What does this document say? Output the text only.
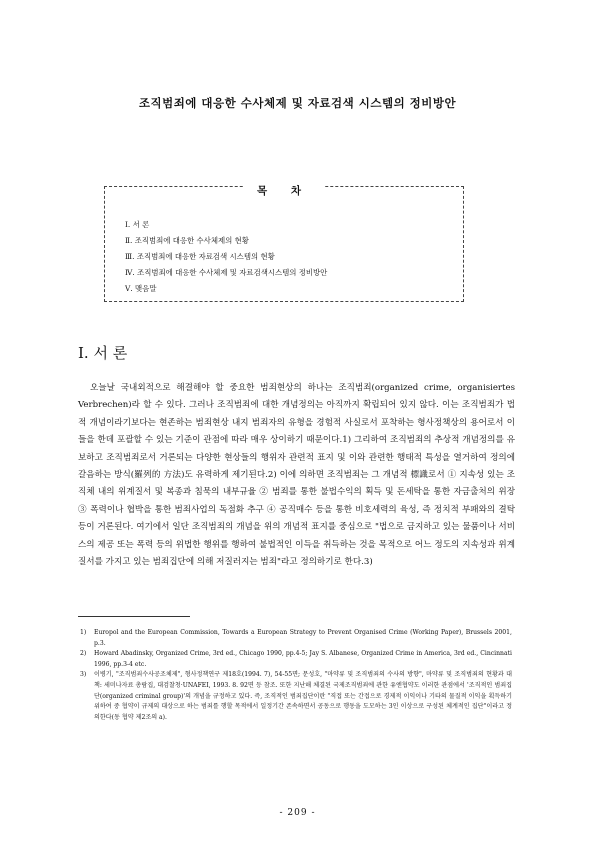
조직범죄에 대응한 수사체제 및 자료검색 시스템의 정비방안
목 차
Ⅰ. 서 론
Ⅱ. 조직범죄에 대응한 수사체제의 현황
Ⅲ. 조직범죄에 대응한 자료검색 시스템의 현황
Ⅳ. 조직범죄에 대응한 수사체제 및 자료검색시스템의 정비방안
Ⅴ. 맺음말
Ⅰ. 서 론

오늘날 국내외적으로 해결해야 할 중요한 범죄현상의 하나는 조직범죄(organized crime, organisiertes Verbrechen)라 할 수 있다. 그러나 조직범죄에 대한 개념정의는 아직까지 확립되어 있지 않다. 이는 조직범죄가 법적 개념이라기보다는 현존하는 범죄현상 내지 범죄자의 유형을 경험적 사실로서 포착하는 형사정책상의 용어로서 이들을 한데 포괄할 수 있는 기준이 관점에 따라 매우 상이하기 때문이다.1) 그리하여 조직범죄의 추상적 개념정의를 유보하고 조직범죄로서 거론되는 다양한 현상들의 행위자 관련적 표지 및 이와 관련한 행태적 특성을 열거하여 정의에 갈음하는 방식(羅列的 方法)도 유력하게 제기된다.2) 이에 의하면 조직범죄는 그 개념적 標識로서 ① 지속성 있는 조직체 내의 위계질서 및 복종과 침묵의 내부규율 ② 범죄를 통한 불법수익의 획득 및 돈세탁을 통한 자금출처의 위장 ③ 폭력이나 협박을 통한 범죄사업의 독점화 추구 ④ 공직매수 등을 통한 비호세력의 육성, 즉 정치적 부패와의 결탁 등이 거론된다. 여기에서 일단 조직범죄의 개념을 위의 개념적 표지를 중심으로 "법으로 금지하고 있는 물품이나 서비스의 제공 또는 폭력 등의 위법한 행위를 행하여 불법적인 이득을 취득하는 것을 목적으로 어느 정도의 지속성과 위계질서를 가지고 있는 범죄집단에 의해 저질러지는 범죄"라고 정의하기로 한다.3)

1) Europol and the European Commission, Towards a European Strategy to Prevent Organised Crime (Working Paper), Brussels 2001, p.3.
2) Howard Abadinsky, Organized Crime, 3rd ed., Chicago 1990, pp.4-5; Jay S. Albanese, Organized Crime in America, 3rd ed., Cincinnati 1996, pp.3-4 etc.
3) 이병기, "조직범죄수사공조체제", 형사정책연구 제18호(1994. 7), 54-55면; 문성호, "마약류 및 조직범죄의 수사의 방향", 마약류 및 조직범죄의 현황과 대책: 세미나자료 총람집, 대검찰청·UNAFEI, 1993. 8. 92면 등 참조. 또한 지난해 체결된 국제조직범죄에 관한 유엔협약도 이러한 관점에서 '조직적인 범죄집단(organized criminal group)'의 개념을 규정하고 있다. 즉, 조직적인 범죄집단이란 "직접 또는 간접으로 경제적 이익이나 기타의 물질적 이익을 획득하기 위하여 중 협약이 규제의 대상으로 하는 범죄를 행할 목적에서 일정기간 존속하면서 공동으로 행동을 도모하는 3인 이상으로 구성된 체계적인 집단"이라고 정의한다(동 협약 제2조의 a).
- 209 -
